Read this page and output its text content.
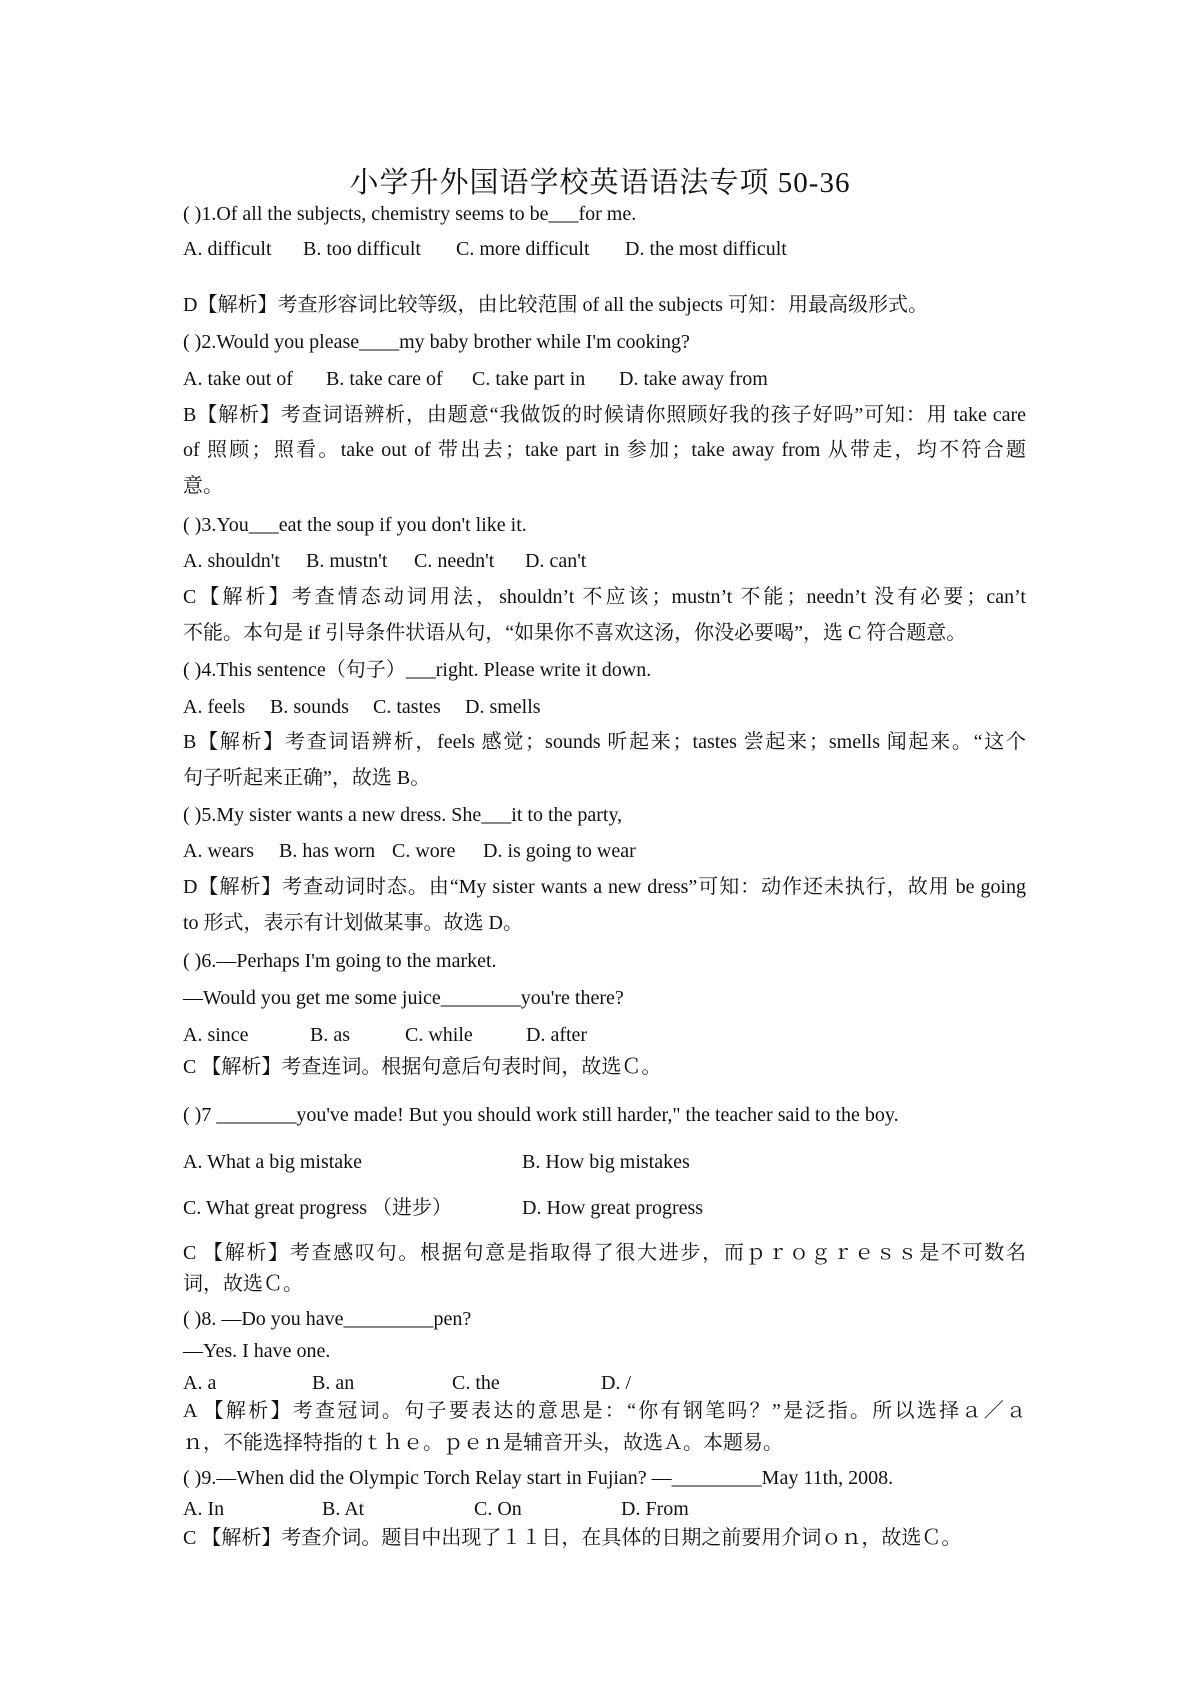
小学升外国语学校英语语法专项 50-36
( )1.Of all the subjects, chemistry seems to be___for me.
A. difficult B. too difficult C. more difficult D. the most difficult
D【解析】考查形容词比较等级，由比较范围 of all the subjects 可知：用最高级形式。
( )2.Would you please____my baby brother while I'm cooking?
A. take out of B. take care of C. take part in D. take away from
B【解析】考查词语辨析，由题意“我做饭的时候请你照顾好我的孩子好吗”可知：用 take care
of 照顾；照看。take out of 带出去；take part in 参加；take away from 从带走，均不符合题
意。
( )3.You___eat the soup if you don't like it.
A. shouldn't B. mustn't C. needn't D. can't
C【解析】考查情态动词用法，shouldn’t 不应该；mustn’t 不能；needn’t 没有必要；can’t
不能。本句是 if 引导条件状语从句，“如果你不喜欢这汤，你没必要喝”，选 C 符合题意。
( )4.This sentence（句子）___right. Please write it down.
A. feels B. sounds C. tastes D. smells
B【解析】考查词语辨析，feels 感觉；sounds 听起来；tastes 尝起来；smells 闻起来。“这个
句子听起来正确”，故选 B。
( )5.My sister wants a new dress. She___it to the party,
A. wears B. has worn C. wore D. is going to wear
D【解析】考查动词时态。由“My sister wants a new dress”可知：动作还未执行，故用 be going
to 形式，表示有计划做某事。故选 D。
( )6.—Perhaps I'm going to the market.
—Would you get me some juice________you're there?
A. since	B. as	C. while	D. after
C 【解析】考查连词。根据句意后句表时间，故选Ｃ。
( )7 ________you've made! But you should work still harder," the teacher said to the boy.
A. What a big mistake	B. How big mistakes
C. What great progress （进步）	D. How great progress
C 【解析】考查感叹句。根据句意是指取得了很大进步，而ｐｒｏｇｒｅｓｓ是不可数名
词，故选Ｃ。
( )8. —Do you have_________pen?
—Yes. I have one.
A. a	B. an	C. the	D. /
A 【解析】考查冠词。句子要表达的意思是：“你有钢笔吗？”是泛指。所以选择ａ／ａ
ｎ，不能选择特指的ｔｈｅ。ｐｅｎ是辅音开头，故选Ａ。本题易。
( )9.—When did the Olympic Torch Relay start in Fujian? —_________May 11th, 2008.
A. In	B. At	C. On	D. From
C 【解析】考查介词。题目中出现了１１日，在具体的日期之前要用介词ｏｎ，故选Ｃ。
